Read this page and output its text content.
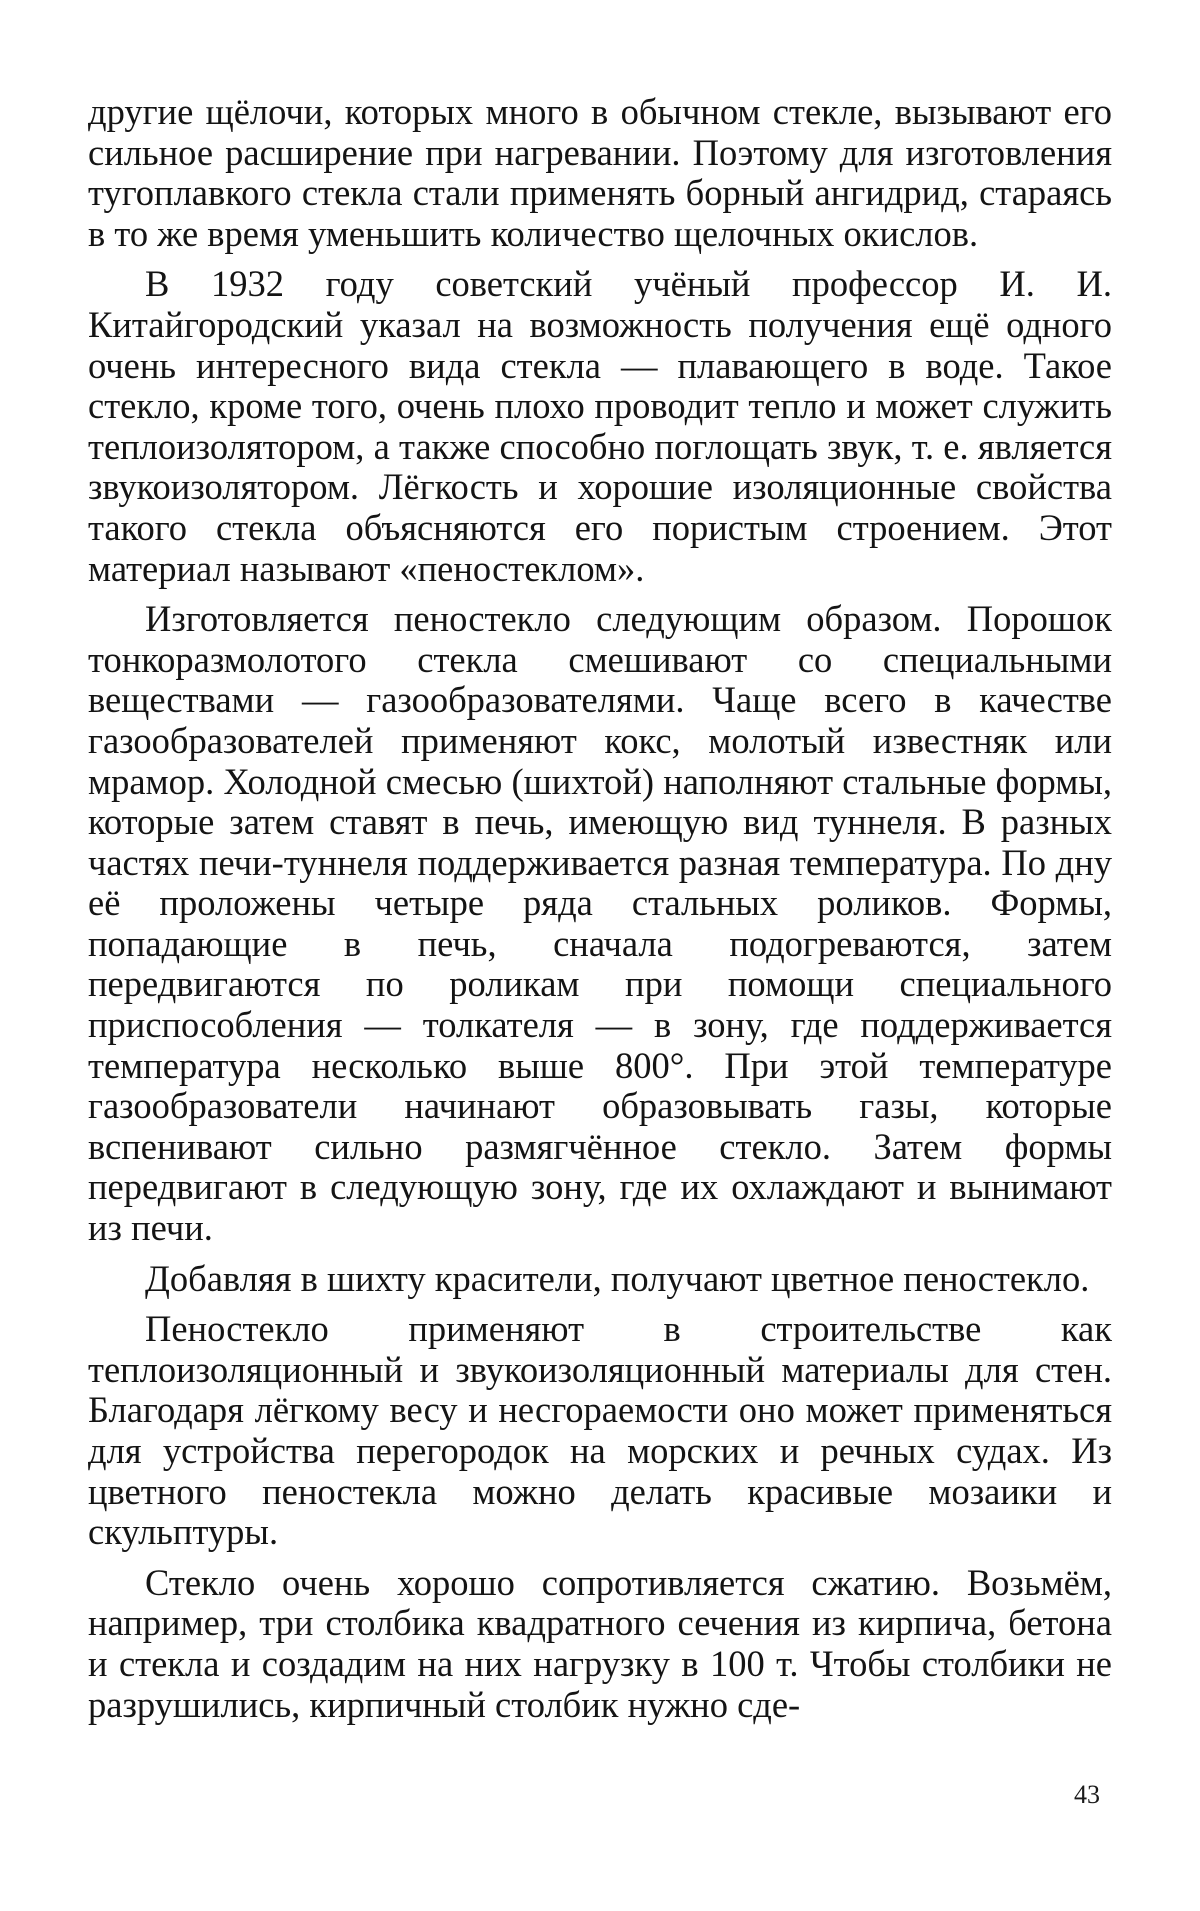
другие щёлочи, которых много в обычном стекле, вызывают его сильное расширение при нагревании. Поэтому для изготовления тугоплавкого стекла стали применять борный ангидрид, стараясь в то же время уменьшить количество щелочных окислов.

В 1932 году советский учёный профессор И. И. Китайгородский указал на возможность получения ещё одного очень интересного вида стекла — плавающего в воде. Такое стекло, кроме того, очень плохо проводит тепло и может служить теплоизолятором, а также способно поглощать звук, т. е. является звукоизолятором. Лёгкость и хорошие изоляционные свойства такого стекла объясняются его пористым строением. Этот материал называют «пеностеклом».

Изготовляется пеностекло следующим образом. Порошок тонкоразмолотого стекла смешивают со специальными веществами — газообразователями. Чаще всего в качестве газообразователей применяют кокс, молотый известняк или мрамор. Холодной смесью (шихтой) наполняют стальные формы, которые затем ставят в печь, имеющую вид туннеля. В разных частях печи-туннеля поддерживается разная температура. По дну её проложены четыре ряда стальных роликов. Формы, попадающие в печь, сначала подогреваются, затем передвигаются по роликам при помощи специального приспособления — толкателя — в зону, где поддерживается температура несколько выше 800°. При этой температуре газообразователи начинают образовывать газы, которые вспенивают сильно размягчённое стекло. Затем формы передвигают в следующую зону, где их охлаждают и вынимают из печи.

Добавляя в шихту красители, получают цветное пеностекло.

Пеностекло применяют в строительстве как теплоизоляционный и звукоизоляционный материалы для стен. Благодаря лёгкому весу и несгораемости оно может применяться для устройства перегородок на морских и речных судах. Из цветного пеностекла можно делать красивые мозаики и скульптуры.

Стекло очень хорошо сопротивляется сжатию. Возьмём, например, три столбика квадратного сечения из кирпича, бетона и стекла и создадим на них нагрузку в 100 т. Чтобы столбики не разрушились, кирпичный столбик нужно сде-

43
